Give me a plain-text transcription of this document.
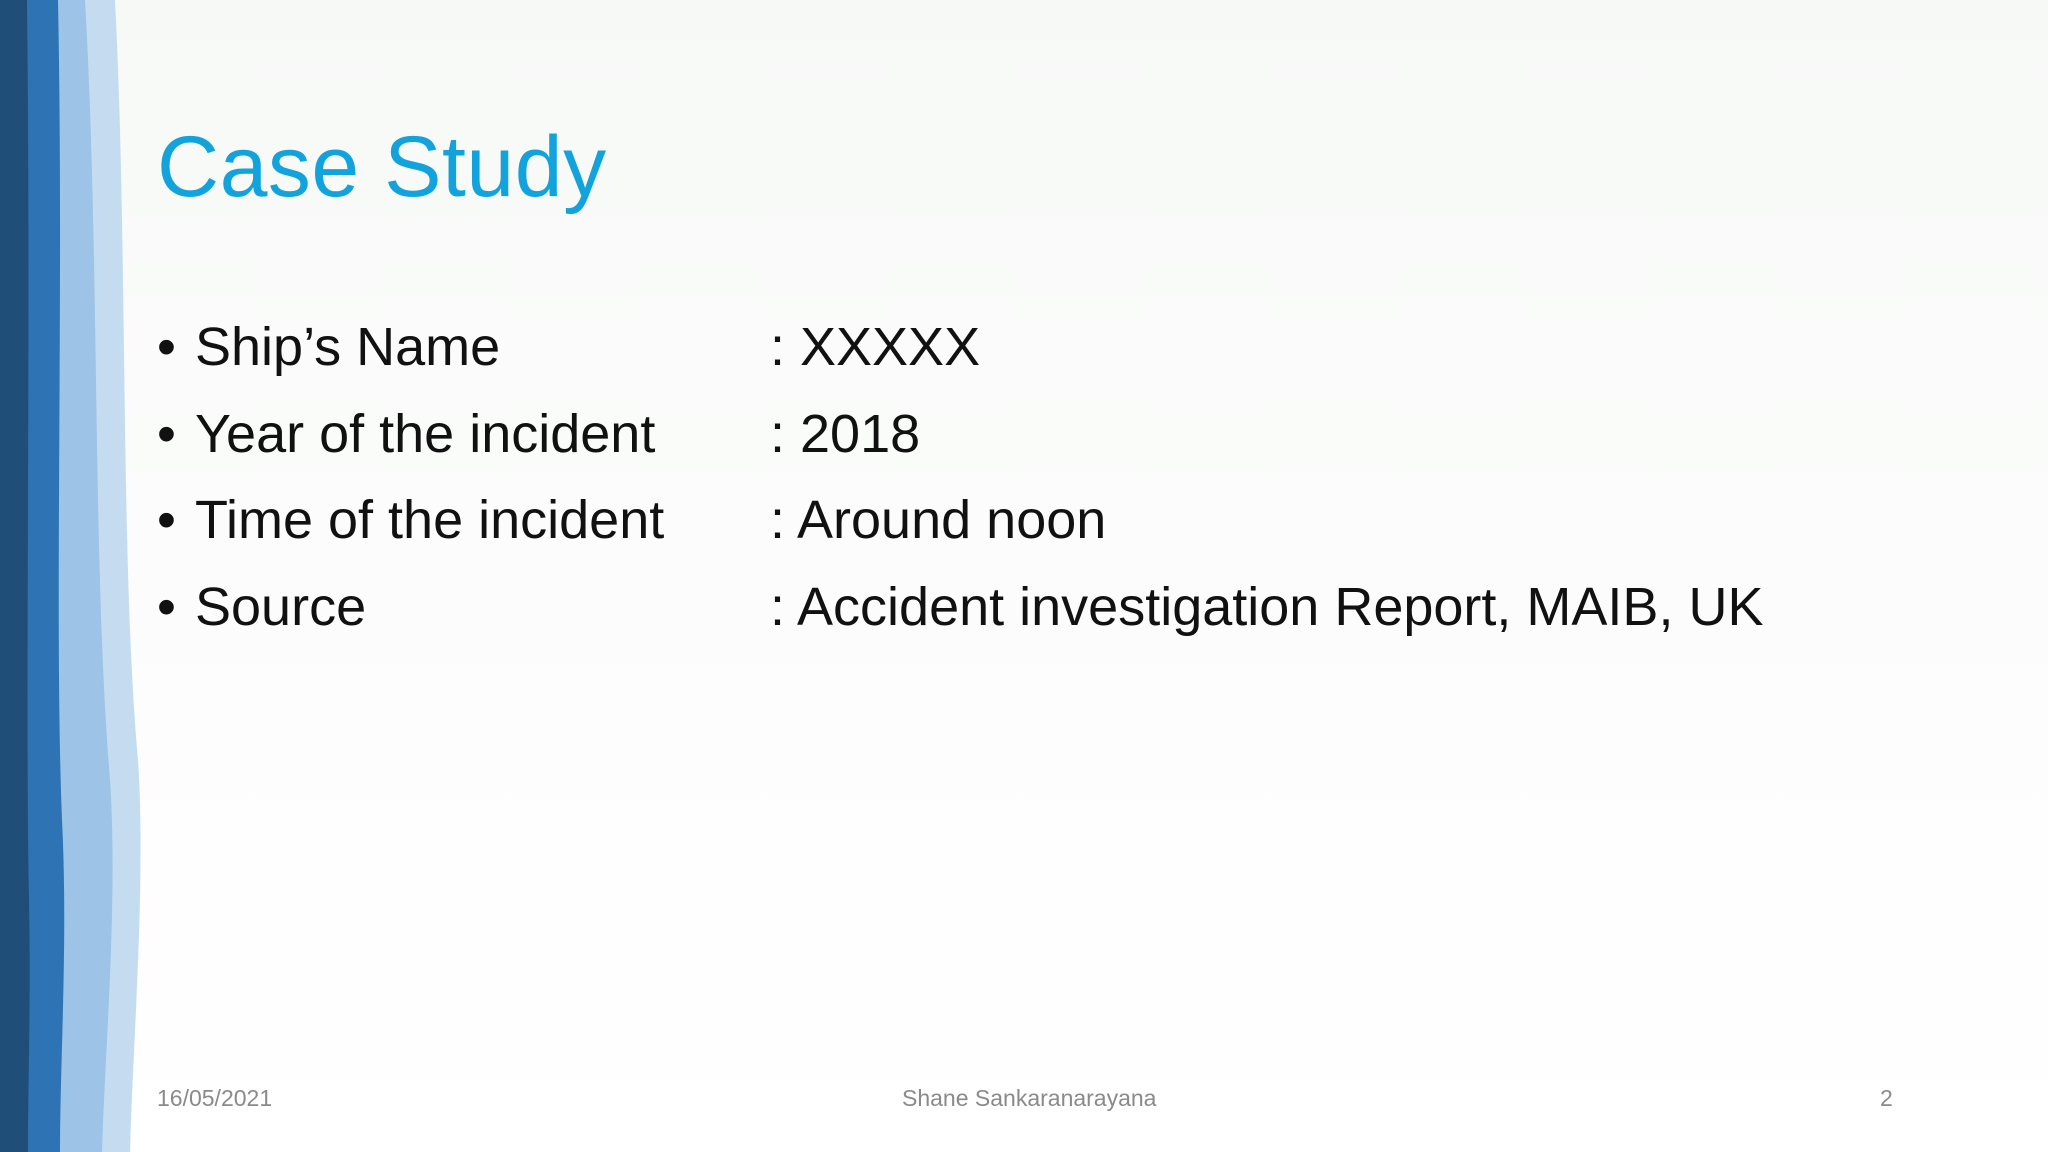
Case Study
• Ship’s Name	: XXXXX
• Year of the incident : 2018
• Time of the incident : Around noon
• Source	: Accident investigation Report, MAIB, UK
16/05/2021	Shane Sankaranarayana	2
